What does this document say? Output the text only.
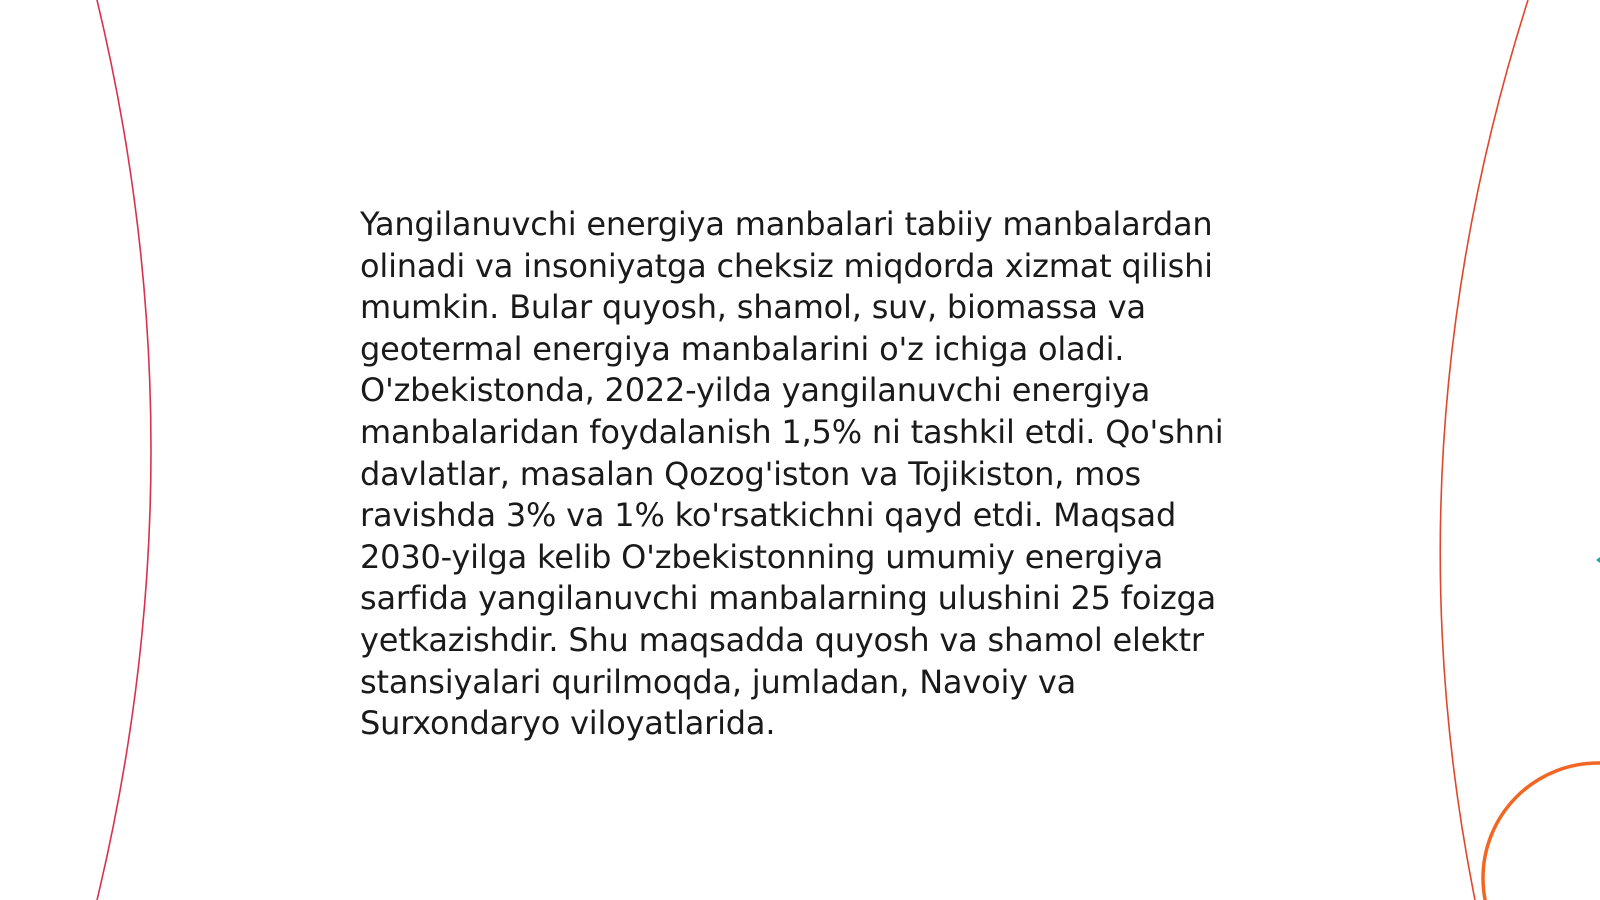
Yangilanuvchi energiya manbalari tabiiy manbalardan
olinadi va insoniyatga cheksiz miqdorda xizmat qilishi
mumkin. Bular quyosh, shamol, suv, biomassa va
geotermal energiya manbalarini o'z ichiga oladi.
O'zbekistonda, 2022-yilda yangilanuvchi energiya
manbalaridan foydalanish 1,5% ni tashkil etdi. Qo'shni
davlatlar, masalan Qozog'iston va Tojikiston, mos
ravishda 3% va 1% ko'rsatkichni qayd etdi. Maqsad
2030-yilga kelib O'zbekistonning umumiy energiya
sarfida yangilanuvchi manbalarning ulushini 25 foizga
yetkazishdir. Shu maqsadda quyosh va shamol elektr
stansiyalari qurilmoqda, jumladan, Navoiy va
Surxondaryo viloyatlarida.
